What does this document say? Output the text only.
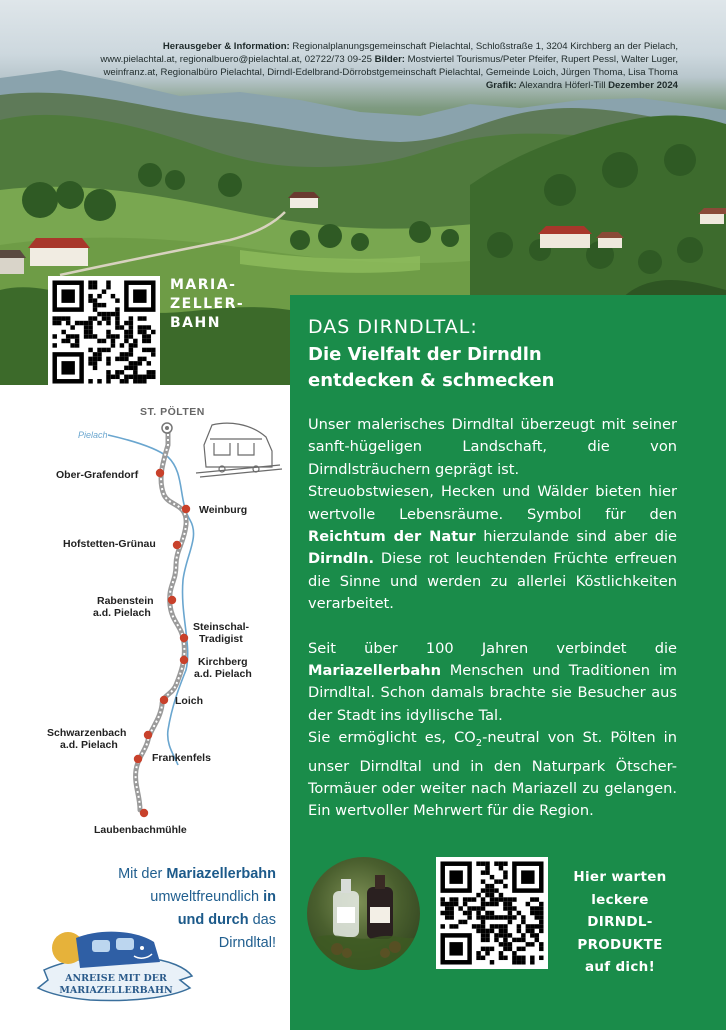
Herausgeber & Information: Regionalplanungsgemeinschaft Pielachtal, Schloßstraße 1, 3204 Kirchberg an der Pielach,
www.pielachtal.at, regionalbuero@pielachtal.at, 02722/73 09-25 Bilder: Mostviertel Tourismus/Peter Pfeifer, Rupert Pessl, Walter Luger,
weinfranz.at, Regionalbüro Pielachtal, Dirndl-Edelbrand-Dörrobstgemeinschaft Pielachtal, Gemeinde Loich, Jürgen Thoma, Lisa Thoma
Grafik: Alexandra Höferl-Till Dezember 2024
MARIA-
ZELLER-
BAHN	DAS DIRNDLTAL:
Die Vielfalt der Dirndln
entdecken & schmecken

Unser malerisches Dirndltal überzeugt mit seiner sanft-hügeligen Landschaft, die von Dirndlsträuchern geprägt ist.

Streuobstwiesen, Hecken und Wälder bieten hier wertvolle Lebensräume. Symbol für den Reichtum der Natur hierzulande sind aber die Dirndln. Diese rot leuchtenden Früchte erfreuen die Sinne und werden zu allerlei Köstlichkeiten verarbeitet.

Seit über 100 Jahren verbindet die Mariazellerbahn Menschen und Traditionen im Dirndltal. Schon damals brachte sie Besucher aus der Stadt ins idyllische Tal.

Sie ermöglicht es, $CO_2$-neutral von St. Pölten in unser Dirndltal und in den Naturpark Ötscher-Tormäuer oder weiter nach Mariazell zu gelangen. Ein wertvoller Mehrwert für die Region.

ST. PÖLTEN
Pielach
Ober-Grafendorf
Weinburg
Hofstetten-Grünau
Rabenstein
a.d. Pielach
Steinschal-
Tradigist
Kirchberg
a.d. Pielach
Loich
Schwarzenbach
a.d. Pielach
Frankenfels
Laubenbachmühle
Mit der Mariazellerbahn
umweltfreundlich in
und durch das
Dirndltal!
ANREISE MIT DER
MARIAZELLERBAHN
Hier warten
leckere
DIRNDL-
PRODUKTE
auf dich!
